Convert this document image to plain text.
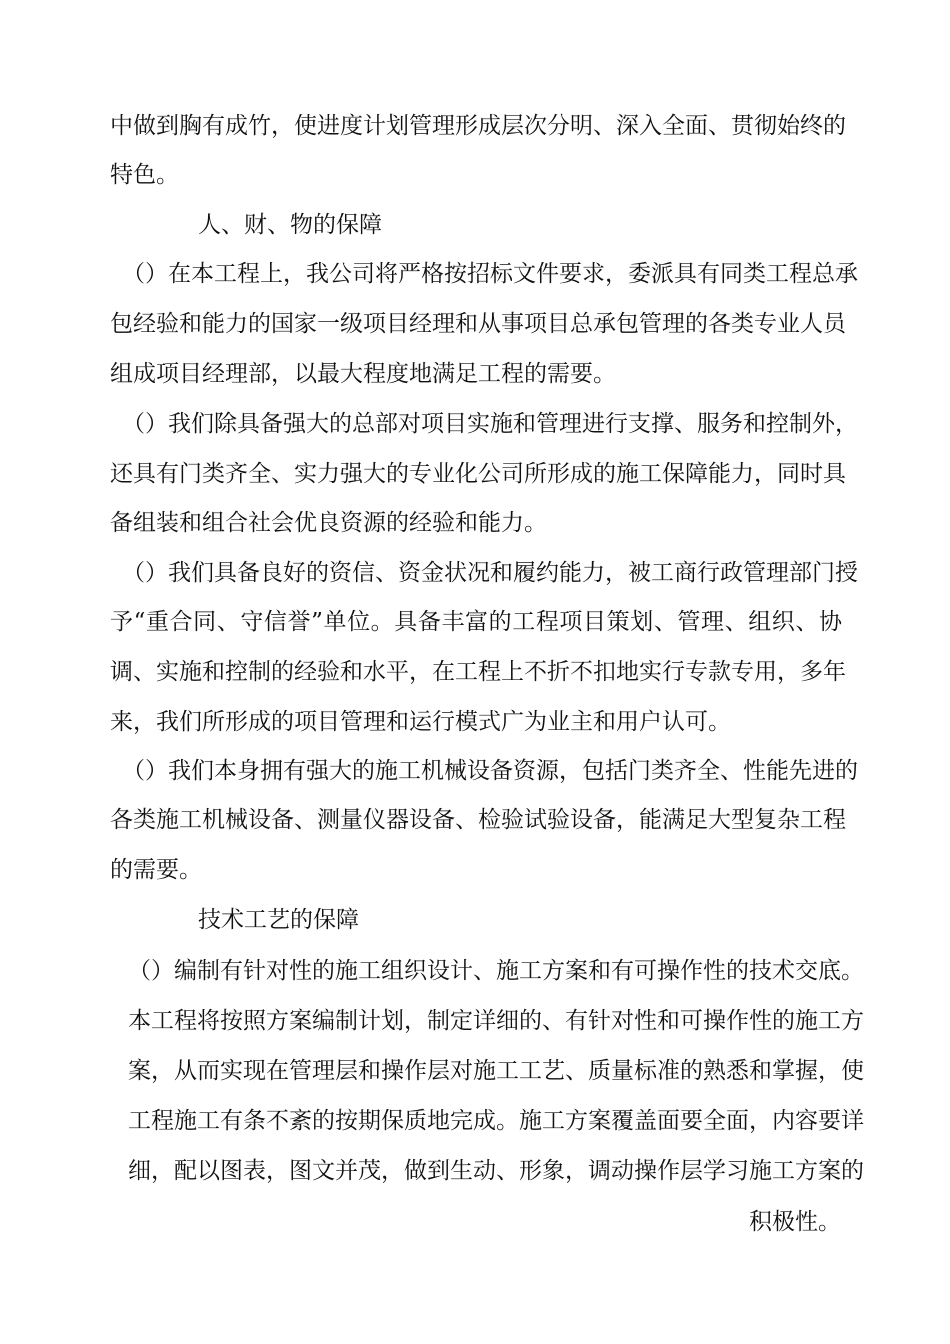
中做到胸有成竹，使进度计划管理形成层次分明、深入全面、贯彻始终的
特色。
人、财、物的保障
（）在本工程上，我公司将严格按招标文件要求，委派具有同类工程总承
包经验和能力的国家一级项目经理和从事项目总承包管理的各类专业人员
组成项目经理部，以最大程度地满足工程的需要。
（）我们除具备强大的总部对项目实施和管理进行支撑、服务和控制外，
还具有门类齐全、实力强大的专业化公司所形成的施工保障能力，同时具
备组装和组合社会优良资源的经验和能力。
（）我们具备良好的资信、资金状况和履约能力，被工商行政管理部门授
予“重合同、守信誉”单位。具备丰富的工程项目策划、管理、组织、协
调、实施和控制的经验和水平，在工程上不折不扣地实行专款专用，多年
来，我们所形成的项目管理和运行模式广为业主和用户认可。
（）我们本身拥有强大的施工机械设备资源，包括门类齐全、性能先进的
各类施工机械设备、测量仪器设备、检验试验设备，能满足大型复杂工程
的需要。
技术工艺的保障
（）编制有针对性的施工组织设计、施工方案和有可操作性的技术交底。
本工程将按照方案编制计划，制定详细的、有针对性和可操作性的施工方
案，从而实现在管理层和操作层对施工工艺、质量标准的熟悉和掌握，使
工程施工有条不紊的按期保质地完成。施工方案覆盖面要全面，内容要详
细，配以图表，图文并茂，做到生动、形象，调动操作层学习施工方案的
积极性。
